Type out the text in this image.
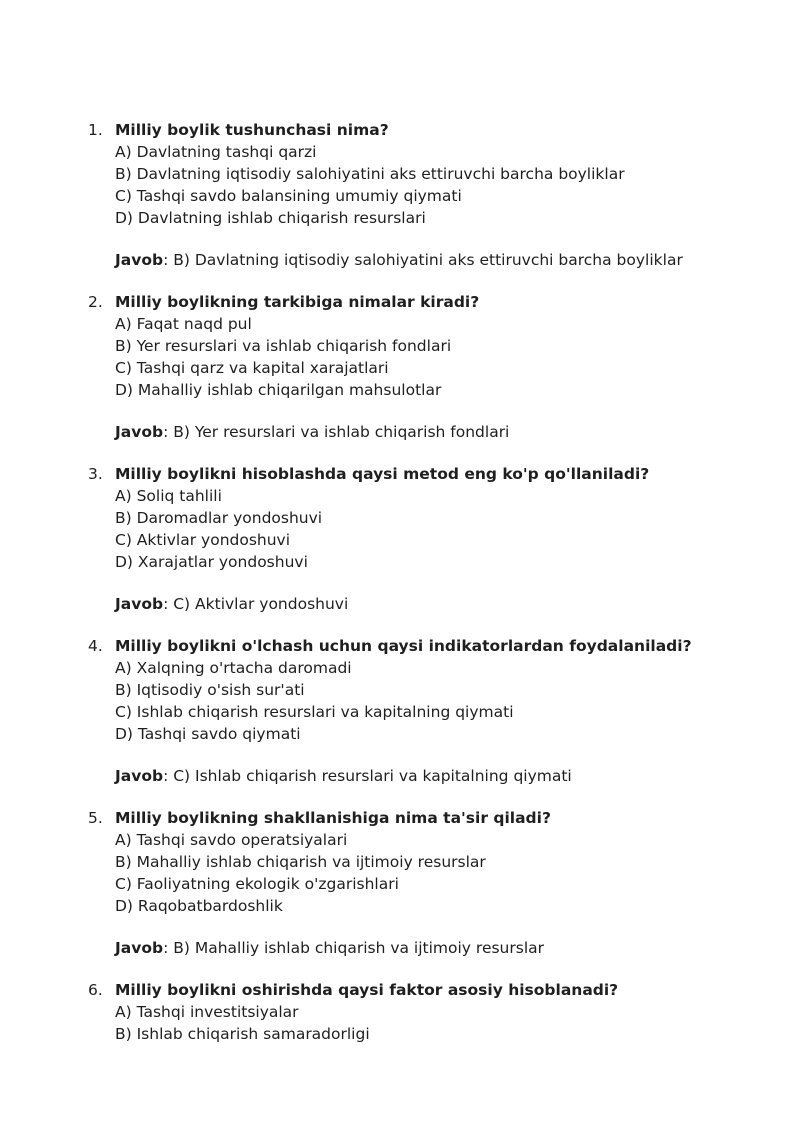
1. Milliy boylik tushunchasi nima?
A) Davlatning tashqi qarzi
B) Davlatning iqtisodiy salohiyatini aks ettiruvchi barcha boyliklar
C) Tashqi savdo balansining umumiy qiymati
D) Davlatning ishlab chiqarish resurslari
Javob: B) Davlatning iqtisodiy salohiyatini aks ettiruvchi barcha boyliklar
2. Milliy boylikning tarkibiga nimalar kiradi?
A) Faqat naqd pul
B) Yer resurslari va ishlab chiqarish fondlari
C) Tashqi qarz va kapital xarajatlari
D) Mahalliy ishlab chiqarilgan mahsulotlar
Javob: B) Yer resurslari va ishlab chiqarish fondlari
3. Milliy boylikni hisoblashda qaysi metod eng ko'p qo'llaniladi?
A) Soliq tahlili
B) Daromadlar yondoshuvi
C) Aktivlar yondoshuvi
D) Xarajatlar yondoshuvi
Javob: C) Aktivlar yondoshuvi
4. Milliy boylikni o'lchash uchun qaysi indikatorlardan foydalaniladi?
A) Xalqning o'rtacha daromadi
B) Iqtisodiy o'sish sur'ati
C) Ishlab chiqarish resurslari va kapitalning qiymati
D) Tashqi savdo qiymati
Javob: C) Ishlab chiqarish resurslari va kapitalning qiymati
5. Milliy boylikning shakllanishiga nima ta'sir qiladi?
A) Tashqi savdo operatsiyalari
B) Mahalliy ishlab chiqarish va ijtimoiy resurslar
C) Faoliyatning ekologik o'zgarishlari
D) Raqobatbardoshlik
Javob: B) Mahalliy ishlab chiqarish va ijtimoiy resurslar
6. Milliy boylikni oshirishda qaysi faktor asosiy hisoblanadi?
A) Tashqi investitsiyalar
B) Ishlab chiqarish samaradorligi
